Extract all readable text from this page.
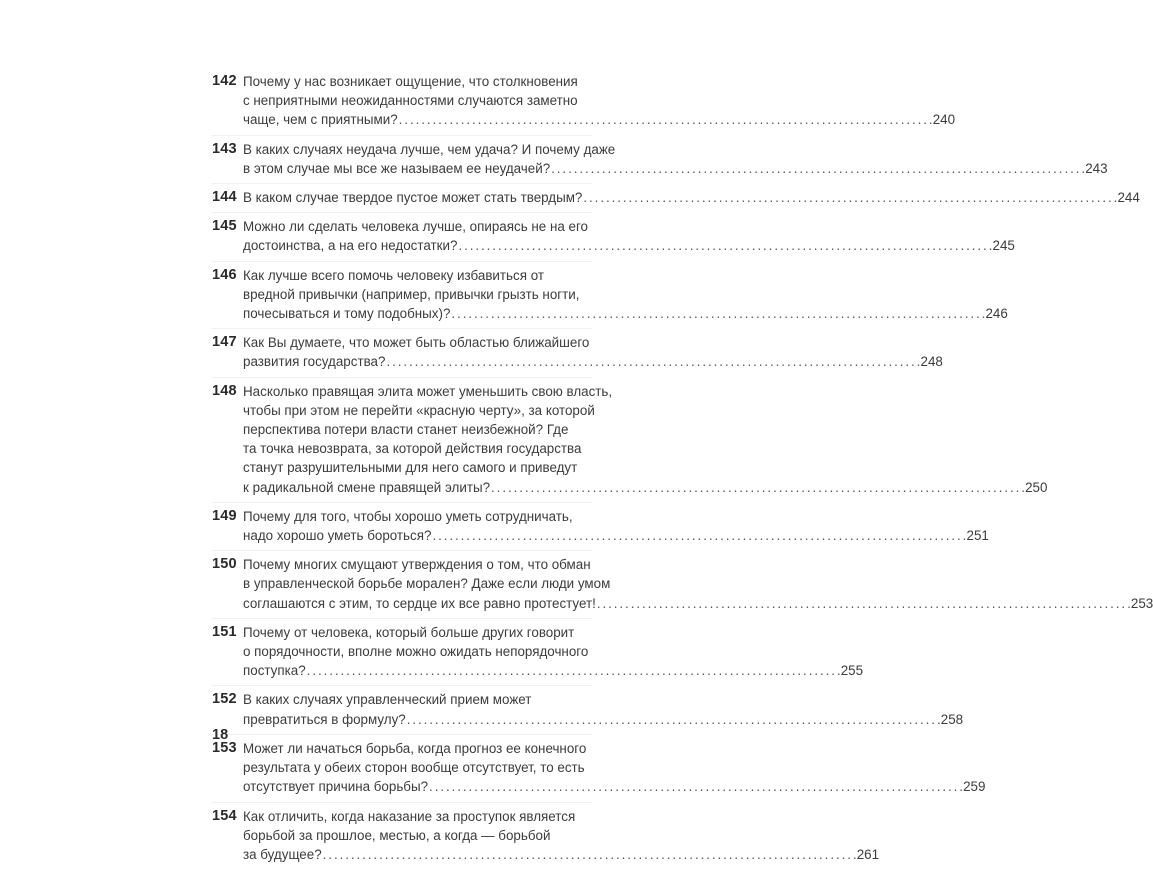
142 Почему у нас возникает ощущение, что столкновения
с неприятными неожиданностями случаются заметно
чаще, чем с приятными? . . .	240
143 В каких случаях неудача лучше, чем удача? И почему даже
в этом случае мы все же называем ее неудачей? . . .	243
144 В каком случае твердое пустое может стать твердым? . . .	244
145 Можно ли сделать человека лучше, опираясь не на его
достоинства, а на его недостатки? . . .	245
146 Как лучше всего помочь человеку избавиться от
вредной привычки (например, привычки грызть ногти,
почесываться и тому подобных)? . . .	246
147 Как Вы думаете, что может быть областью ближайшего
развития государства? . . .	248
148 Насколько правящая элита может уменьшить свою власть,
чтобы при этом не перейти «красную черту», за которой
перспектива потери власти станет неизбежной? Где
та точка невозврата, за которой действия государства
станут разрушительными для него самого и приведут
к радикальной смене правящей элиты? . . .	250
149 Почему для того, чтобы хорошо уметь сотрудничать,
надо хорошо уметь бороться? . . .	251
150 Почему многих смущают утверждения о том, что обман
в управленческой борьбе морален? Даже если люди умом
соглашаются с этим, то сердце их все равно протестует! . . .	253
151 Почему от человека, который больше других говорит
о порядочности, вполне можно ожидать непорядочного
поступка? . . .	255
152 В каких случаях управленческий прием может
превратиться в формулу? . . .	258
153 Может ли начаться борьба, когда прогноз ее конечного
результата у обеих сторон вообще отсутствует, то есть
отсутствует причина борьбы? . . .	259
154 Как отличить, когда наказание за проступок является
борьбой за прошлое, местью, а когда — борьбой
за будущее? . . .	261
18
